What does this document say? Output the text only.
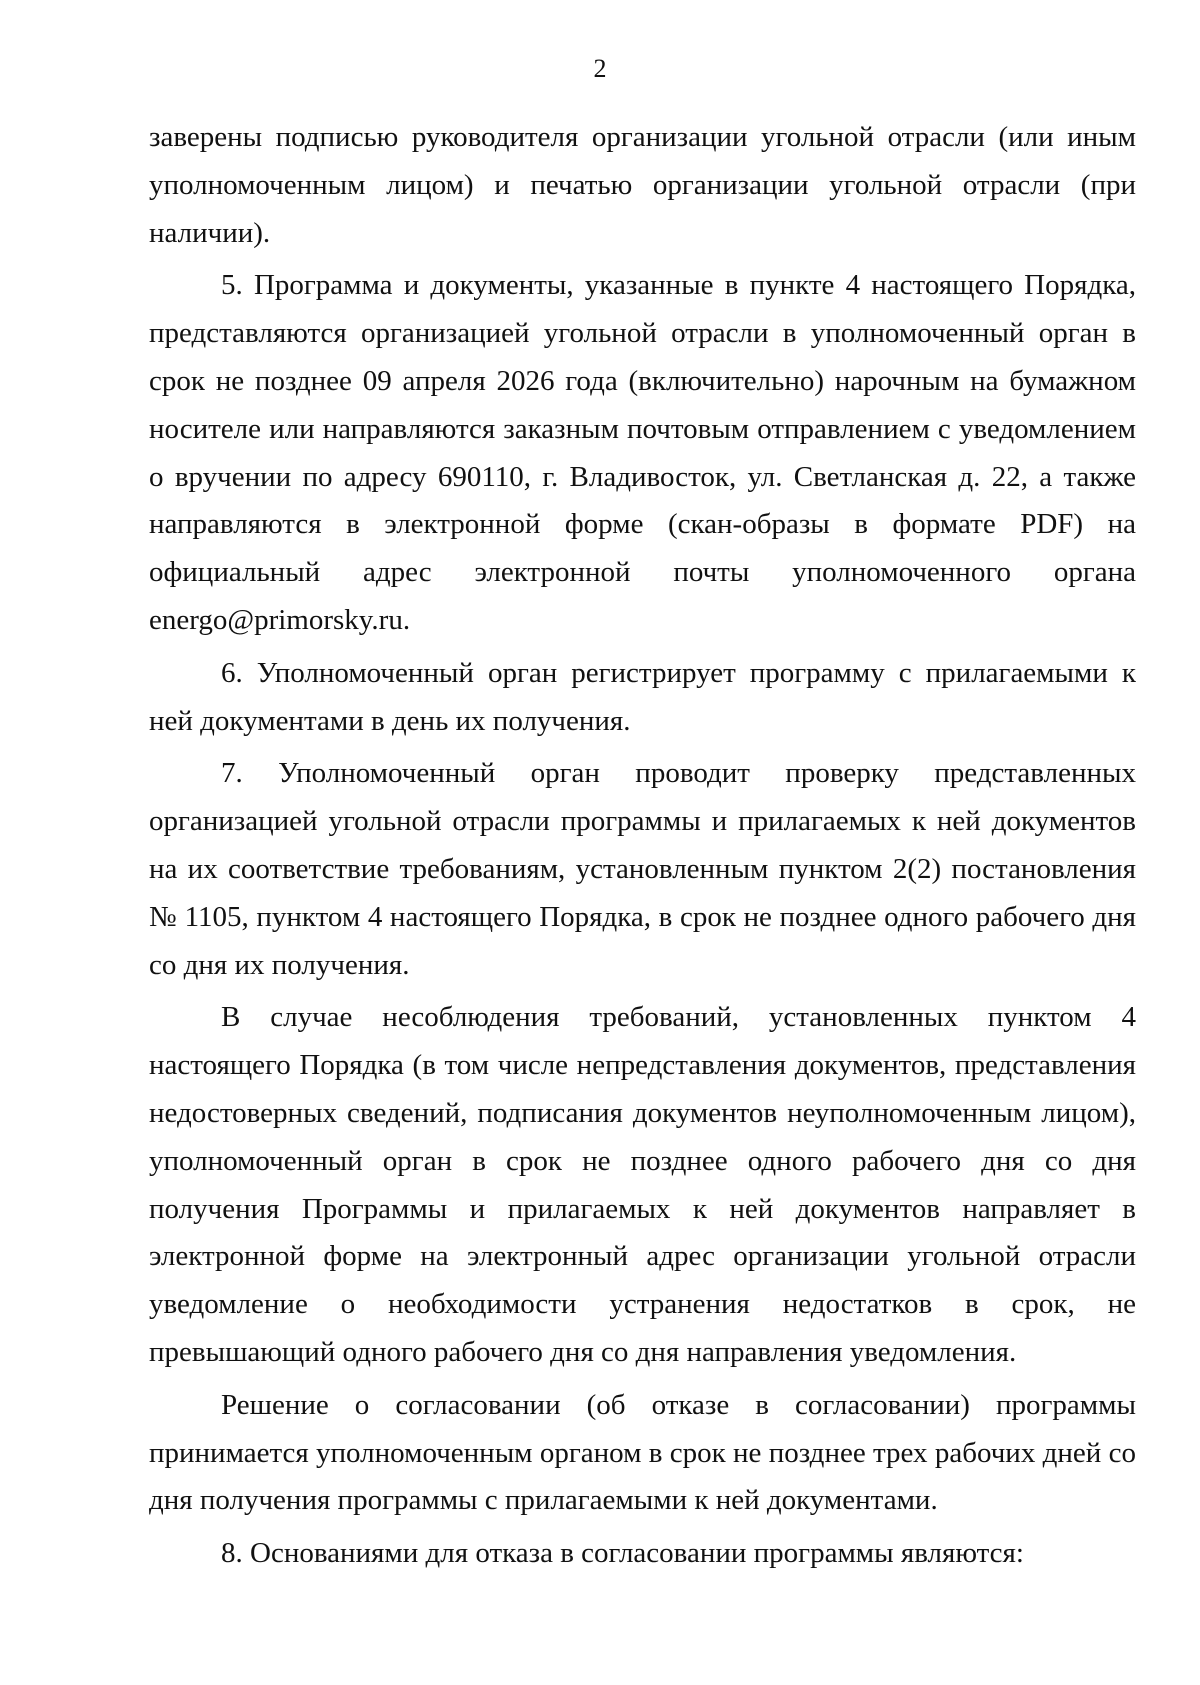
2

заверены подписью руководителя организации угольной отрасли (или иным уполномоченным лицом) и печатью организации угольной отрасли (при наличии).

5. Программа и документы, указанные в пункте 4 настоящего Порядка, представляются организацией угольной отрасли в уполномоченный орган в срок не позднее 09 апреля 2026 года (включительно) нарочным на бумажном носителе или направляются заказным почтовым отправлением с уведомлением о вручении по адресу 690110, г. Владивосток, ул. Светланская д. 22, а также направляются в электронной форме (скан-образы в формате PDF) на официальный адрес электронной почты уполномоченного органа energo@primorsky.ru.

6. Уполномоченный орган регистрирует программу с прилагаемыми к ней документами в день их получения.

7. Уполномоченный орган проводит проверку представленных организацией угольной отрасли программы и прилагаемых к ней документов на их соответствие требованиям, установленным пунктом 2(2) постановления № 1105, пунктом 4 настоящего Порядка, в срок не позднее одного рабочего дня со дня их получения.

В случае несоблюдения требований, установленных пунктом 4 настоящего Порядка (в том числе непредставления документов, представления недостоверных сведений, подписания документов неуполномоченным лицом), уполномоченный орган в срок не позднее одного рабочего дня со дня получения Программы и прилагаемых к ней документов направляет в электронной форме на электронный адрес организации угольной отрасли уведомление о необходимости устранения недостатков в срок, не превышающий одного рабочего дня со дня направления уведомления.

Решение о согласовании (об отказе в согласовании) программы принимается уполномоченным органом в срок не позднее трех рабочих дней со дня получения программы с прилагаемыми к ней документами.

8. Основаниями для отказа в согласовании программы являются:
